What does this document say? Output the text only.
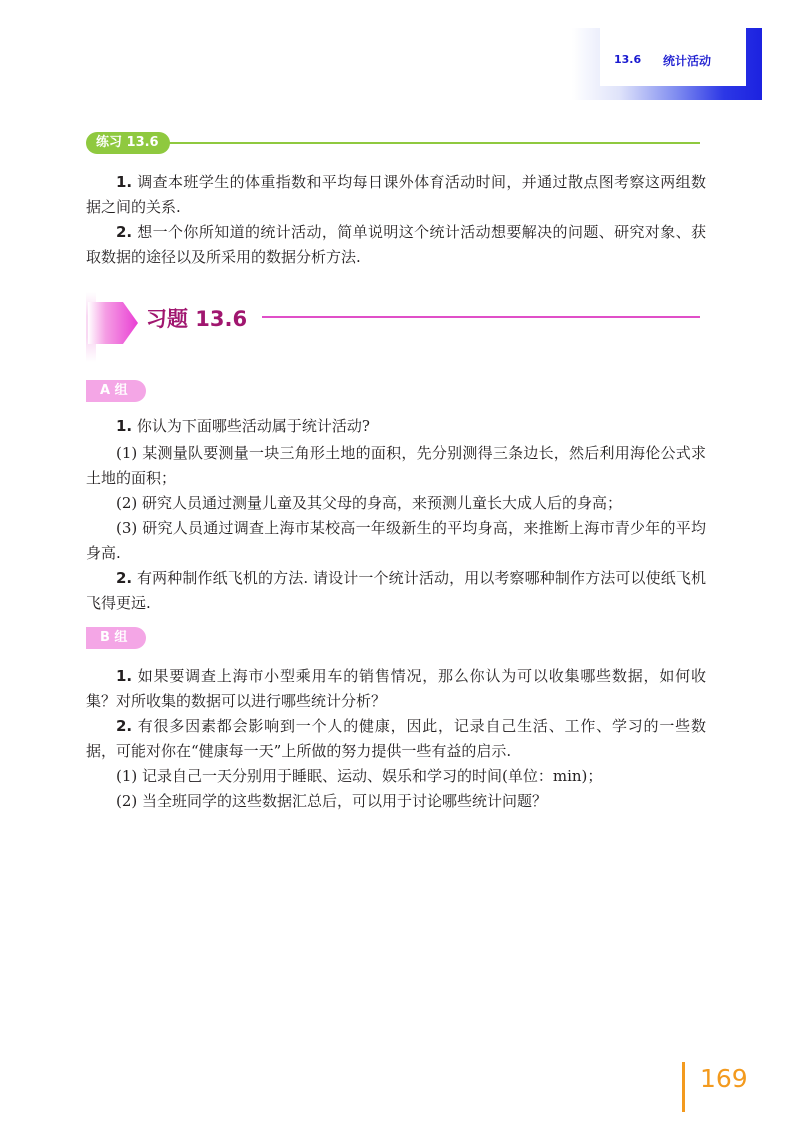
13.6 统计活动
练习 13.6

1. 调查本班学生的体重指数和平均每日课外体育活动时间，并通过散点图考察这两组数据之间的关系.

2. 想一个你所知道的统计活动，简单说明这个统计活动想要解决的问题、研究对象、获取数据的途径以及所采用的数据分析方法.

习题 13.6
A 组

1. 你认为下面哪些活动属于统计活动?

(1) 某测量队要测量一块三角形土地的面积，先分别测得三条边长，然后利用海伦公式求土地的面积；

(2) 研究人员通过测量儿童及其父母的身高，来预测儿童长大成人后的身高；

(3) 研究人员通过调查上海市某校高一年级新生的平均身高，来推断上海市青少年的平均身高.

2. 有两种制作纸飞机的方法. 请设计一个统计活动，用以考察哪种制作方法可以使纸飞机飞得更远.

B 组

1. 如果要调查上海市小型乘用车的销售情况，那么你认为可以收集哪些数据，如何收集？对所收集的数据可以进行哪些统计分析？

2. 有很多因素都会影响到一个人的健康，因此，记录自己生活、工作、学习的一些数据，可能对你在“健康每一天”上所做的努力提供一些有益的启示.

(1) 记录自己一天分别用于睡眠、运动、娱乐和学习的时间(单位：min)；

(2) 当全班同学的这些数据汇总后，可以用于讨论哪些统计问题？

169
